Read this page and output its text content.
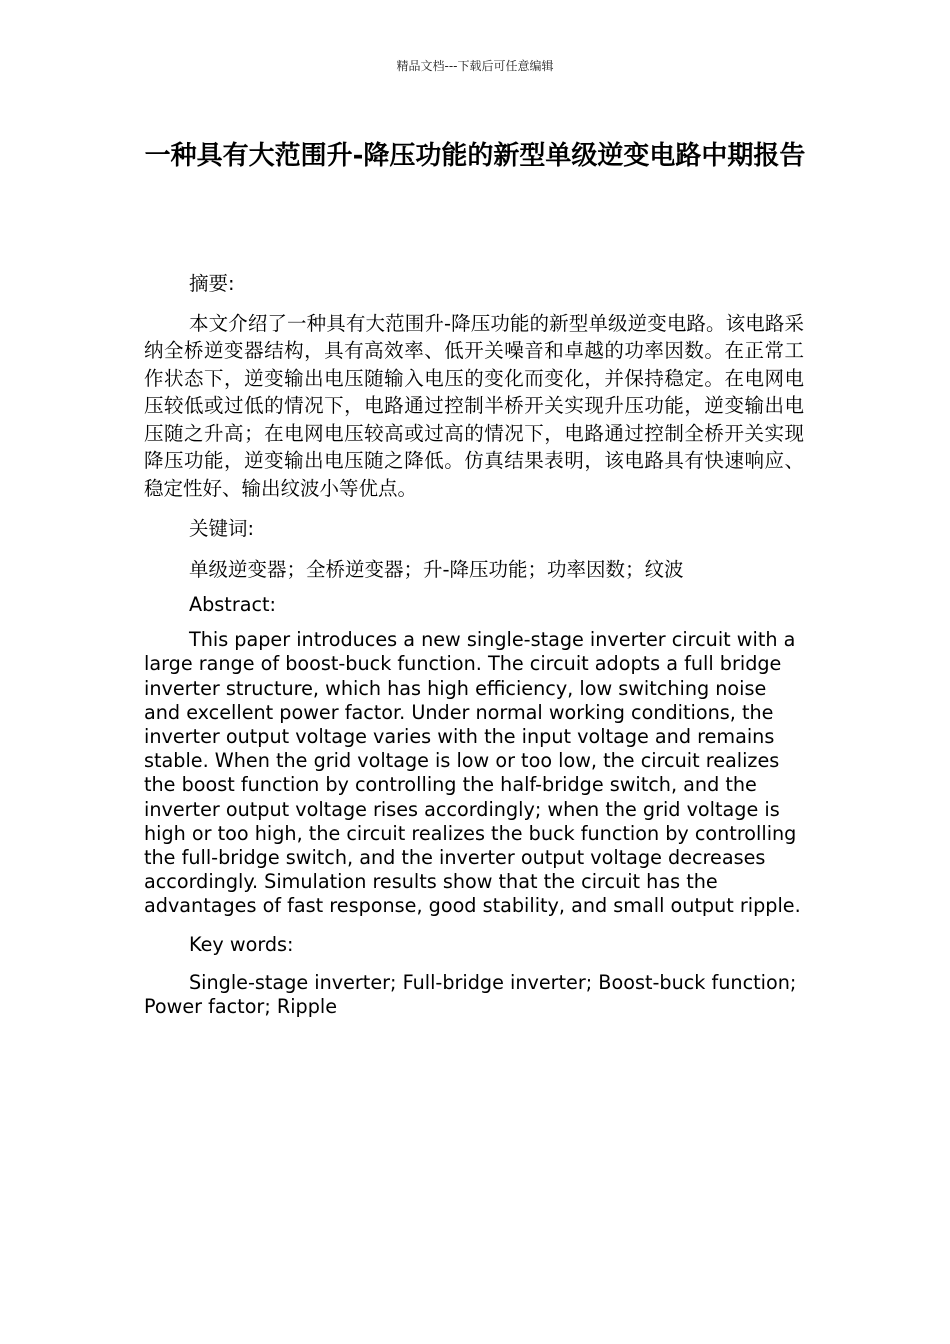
精品文档---下载后可任意编辑
一种具有大范围升-降压功能的新型单级逆变电路中期报告

摘要:

本文介绍了一种具有大范围升-降压功能的新型单级逆变电路。该电路采纳全桥逆变器结构，具有高效率、低开关噪音和卓越的功率因数。在正常工作状态下，逆变输出电压随输入电压的变化而变化，并保持稳定。在电网电压较低或过低的情况下，电路通过控制半桥开关实现升压功能，逆变输出电压随之升高；在电网电压较高或过高的情况下，电路通过控制全桥开关实现降压功能，逆变输出电压随之降低。仿真结果表明，该电路具有快速响应、稳定性好、输出纹波小等优点。

关键词:

单级逆变器；全桥逆变器；升-降压功能；功率因数；纹波

Abstract:

This paper introduces a new single-stage inverter circuit with a large range of boost-buck function. The circuit adopts a full bridge inverter structure, which has high efficiency, low switching noise and excellent power factor. Under normal working conditions, the inverter output voltage varies with the input voltage and remains stable. When the grid voltage is low or too low, the circuit realizes the boost function by controlling the half-bridge switch, and the inverter output voltage rises accordingly; when the grid voltage is high or too high, the circuit realizes the buck function by controlling the full-bridge switch, and the inverter output voltage decreases accordingly. Simulation results show that the circuit has the advantages of fast response, good stability, and small output ripple.

Key words:

Single-stage inverter; Full-bridge inverter; Boost-buck function; Power factor; Ripple
